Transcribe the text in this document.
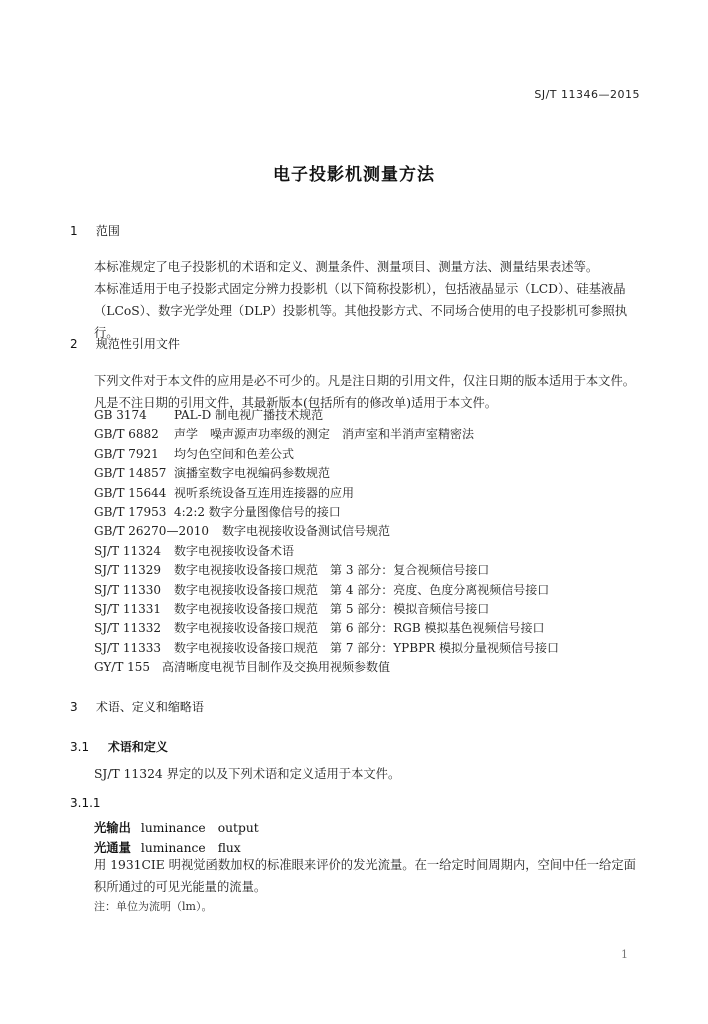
SJ/T 11346—2015
电子投影机测量方法
1 范围
本标准规定了电子投影机的术语和定义、测量条件、测量项目、测量方法、测量结果表述等。
本标准适用于电子投影式固定分辨力投影机（以下简称投影机），包括液晶显示（LCD）、硅基液晶（LCoS）、数字光学处理（DLP）投影机等。其他投影方式、不同场合使用的电子投影机可参照执行。
2 规范性引用文件
下列文件对于本文件的应用是必不可少的。凡是注日期的引用文件，仅注日期的版本适用于本文件。凡是不注日期的引用文件，其最新版本(包括所有的修改单)适用于本文件。
GB 3174 PAL-D 制电视广播技术规范
GB/T 6882 声学　噪声源声功率级的测定　消声室和半消声室精密法
GB/T 7921 均匀色空间和色差公式
GB/T 14857 演播室数字电视编码参数规范
GB/T 15644 视听系统设备互连用连接器的应用
GB/T 17953 4:2:2 数字分量图像信号的接口
GB/T 26270—2010 数字电视接收设备测试信号规范
SJ/T 11324 数字电视接收设备术语
SJ/T 11329 数字电视接收设备接口规范　第 3 部分：复合视频信号接口
SJ/T 11330 数字电视接收设备接口规范　第 4 部分：亮度、色度分离视频信号接口
SJ/T 11331 数字电视接收设备接口规范　第 5 部分：模拟音频信号接口
SJ/T 11332 数字电视接收设备接口规范　第 6 部分：RGB 模拟基色视频信号接口
SJ/T 11333 数字电视接收设备接口规范　第 7 部分：YPBPR 模拟分量视频信号接口
GY/T 155 高清晰度电视节目制作及交换用视频参数值
3 术语、定义和缩略语
3.1 术语和定义
SJ/T 11324 界定的以及下列术语和定义适用于本文件。
3.1.1
光输出 luminance output
光通量 luminance flux
用 1931CIE 明视觉函数加权的标准眼来评价的发光流量。在一给定时间周期内，空间中任一给定面积所通过的可见光能量的流量。
注：单位为流明（lm）。
1
